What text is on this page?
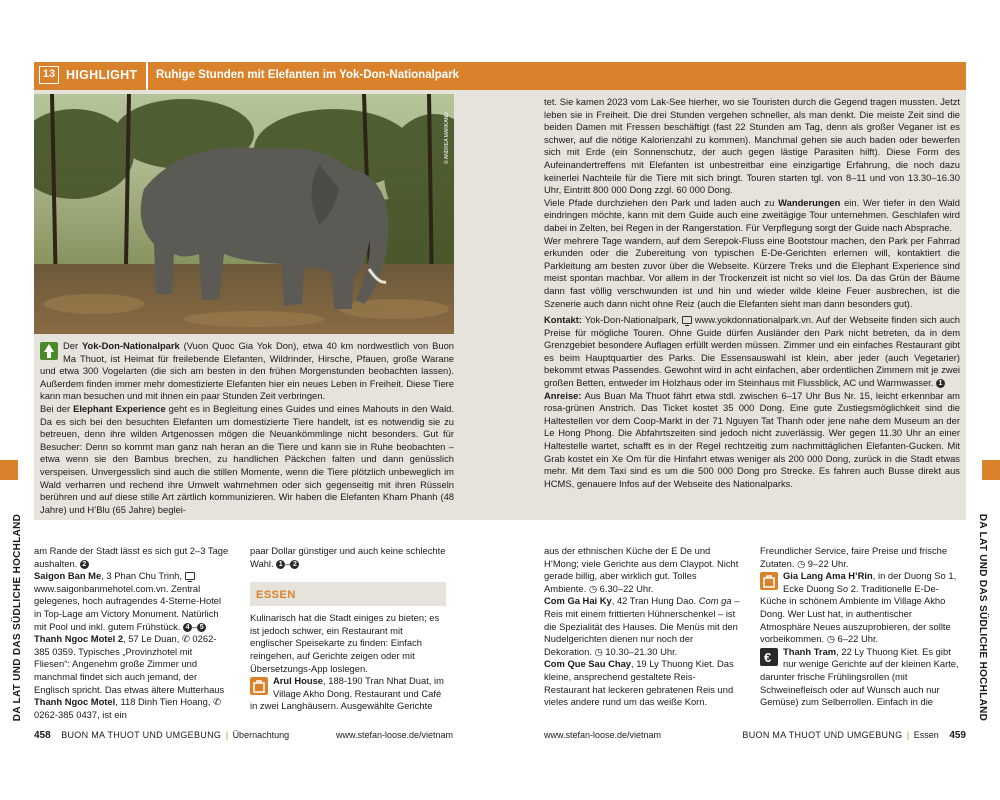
13 HIGHLIGHT Ruhige Stunden mit Elefanten im Yok-Don-Nationalpark
© ANDREA MARKAND

Der Yok-Don-Nationalpark (Vuon Quoc Gia Yok Don), etwa 40 km nordwestlich von Buon Ma Thuot, ist Heimat für freilebende Elefanten, Wildrinder, Hirsche, Pfauen, große Warane und etwa 300 Vogelarten (die sich am besten in den frühen Morgenstunden beobachten lassen). Außerdem finden immer mehr domestizierte Elefanten hier ein neues Leben in Freiheit. Diese Tiere kann man besuchen und mit ihnen ein paar Stunden Zeit verbringen.

Bei der Elephant Experience geht es in Begleitung eines Guides und eines Mahouts in den Wald. Da es sich bei den besuchten Elefanten um domestizierte Tiere handelt, ist es notwendig sie zu betreuen, denn ihre wilden Artgenossen mögen die Neuankömmlinge nicht besonders. Gut für Besucher: Denn so kommt man ganz nah heran an die Tiere und kann sie in Ruhe beobachten – etwa wenn sie den Bambus brechen, zu handlichen Päckchen falten und dann genüsslich verspeisen. Unvergesslich sind auch die stillen Momente, wenn die Tiere plötzlich unbeweglich im Wald verharren und rechend ihre Umwelt wahrnehmen oder sich gegenseitig mit ihren Rüsseln berühren und auf diese stille Art zärtlich kommunizieren. Wir haben die Elefanten Kham Phanh (48 Jahre) und H’Blu (65 Jahre) beglei-

tet. Sie kamen 2023 vom Lak-See hierher, wo sie Touristen durch die Gegend tragen mussten. Jetzt leben sie in Freiheit. Die drei Stunden vergehen schneller, als man denkt. Die meiste Zeit sind die beiden Damen mit Fressen beschäftigt (fast 22 Stunden am Tag, denn als großer Veganer ist es schwer, auf die nötige Kalorienzahl zu kommen). Manchmal gehen sie auch baden oder bewerfen sich mit Erde (ein Sonnenschutz, der auch gegen lästige Parasiten hilft). Diese Form des Aufeinandertreffens mit Elefanten ist unbestreitbar eine einzigartige Erfahrung, die noch dazu keinerlei Nachteile für die Tiere mit sich bringt. Touren starten tgl. von 8–11 und von 13.30–16.30 Uhr, Eintritt 800 000 Dong zzgl. 60 000 Dong.

Viele Pfade durchziehen den Park und laden auch zu Wanderungen ein. Wer tiefer in den Wald eindringen möchte, kann mit dem Guide auch eine zweitägige Tour unternehmen. Geschlafen wird dabei in Zelten, bei Regen in der Rangerstation. Für Verpflegung sorgt der Guide nach Absprache.

Wer mehrere Tage wandern, auf dem Serepok-Fluss eine Bootstour machen, den Park per Fahrrad erkunden oder die Zubereitung von typischen E-De-Gerichten erlernen will, kontaktiert die Parkleitung am besten zuvor über die Webseite. Kürzere Treks und die Elephant Experience sind meist spontan machbar. Vor allem in der Trockenzeit ist nicht so viel los. Da das Grün der Bäume dann fast völlig verschwunden ist und hin und wieder wilde kleine Feuer ausbrechen, ist die Szenerie auch dann nicht ohne Reiz (auch die Elefanten sieht man dann besonders gut).

Kontakt: Yok-Don-Nationalpark,  www.yokdonnationalpark.vn. Auf der Webseite finden sich auch Preise für mögliche Touren. Ohne Guide dürfen Ausländer den Park nicht betreten, da in dem Grenzgebiet besondere Auflagen erfüllt werden müssen. Zimmer und ein einfaches Restaurant gibt es beim Hauptquartier des Parks. Die Essensauswahl ist klein, aber jeder (auch Vegetarier) bekommt etwas Passendes. Gewohnt wird in acht einfachen, aber ordentlichen Zimmern mit je zwei großen Betten, entweder im Holzhaus oder im Steinhaus mit Flussblick, AC und Warmwasser. 1

Anreise: Aus Buan Ma Thuot fährt etwa stdl. zwischen 6–17 Uhr Bus Nr. 15, leicht erkennbar am rosa-grünen Anstrich. Das Ticket kostet 35 000 Dong. Eine gute Zustiegsmöglichkeit sind die Haltestellen vor dem Coop-Markt in der 71 Nguyen Tat Thanh oder jene nahe dem Museum an der Le Hong Phong. Die Abfahrtszeiten sind jedoch nicht zuverlässig. Wer gegen 11.30 Uhr an einer Haltestelle wartet, schafft es in der Regel rechtzeitig zum nachmittäglichen Elefanten-Gucken. Mit Grab kostet ein Xe Om für die Hinfahrt etwas weniger als 200 000 Dong, zurück in die Stadt etwas mehr. Mit dem Taxi sind es um die 500 000 Dong pro Strecke. Es fahren auch Busse direkt aus HCMS, genauere Infos auf der Webseite des Nationalparks.

DA LAT UND DAS SÜDLICHE HOCHLAND	DA LAT UND DAS SÜDLICHE HOCHLAND

am Rande der Stadt lässt es sich gut 2–3 Tage aushalten. 2
Saigon Ban Me, 3 Phan Chu Trinh,  www.saigonbanmehotel.com.vn. Zentral gelegenes, hoch aufragendes 4-Sterne-Hotel in Top-Lage am Victory Monument. Natürlich mit Pool und inkl. gutem Frühstück. 4 – 5
Thanh Ngoc Motel 2, 57 Le Duan, ✆ 0262-385 0359. Typisches „Provinzhotel mit Fliesen“: Angenehm große Zimmer und manchmal findet sich auch jemand, der Englisch spricht. Das etwas ältere Mutterhaus Thanh Ngoc Motel, 118 Dinh Tien Hoang, ✆ 0262-385 0437, ist ein

paar Dollar günstiger und auch keine schlechte Wahl. 1 – 2

ESSEN

Kulinarisch hat die Stadt einiges zu bieten; es ist jedoch schwer, ein Restaurant mit englischer Speisekarte zu finden: Einfach reingehen, auf Gerichte zeigen oder mit Übersetzungs-App loslegen.

Arul House, 188-190 Tran Nhat Duat, im Village Akho Dong. Restaurant und Café in zwei Langhäusern. Ausgewählte Gerichte

aus der ethnischen Küche der E De und H’Mong; viele Gerichte aus dem Claypot. Nicht gerade billig, aber wirklich gut. Tolles Ambiente. ◷ 6.30–22 Uhr.
Com Ga Hai Ky, 42 Tran Hung Dao. Com ga – Reis mit einem frittierten Hühnerschenkel – ist die Spezialität des Hauses. Die Menüs mit den Nudelgerichten dienen nur noch der Dekoration. ◷ 10.30–21.30 Uhr.
Com Que Sau Chay, 19 Ly Thuong Kiet. Das kleine, ansprechend gestaltete Reis-Restaurant hat leckeren gebratenen Reis und vieles andere rund um das weiße Korn.

Freundlicher Service, faire Preise und frische Zutaten. ◷ 9–22 Uhr.

Gia Lang Ama H’Rin, in der Duong So 1, Ecke Duong So 2. Traditionelle E-De-Küche in schönem Ambiente im Village Akho Dong. Wer Lust hat, in authentischer Atmosphäre Neues auszuprobieren, der sollte vorbeikommen. ◷ 6–22 Uhr.

€ Thanh Tram, 22 Ly Thuong Kiet. Es gibt nur wenige Gerichte auf der kleinen Karte, darunter frische Frühlingsrollen (mit Schweinefleisch oder auf Wunsch auch nur Gemüse) zum Selberrollen. Einfach in die

458 BUON MA THUOT UND UMGEBUNG | Übernachtung	www.stefan-loose.de/vietnam	www.stefan-loose.de/vietnam	BUON MA THUOT UND UMGEBUNG | Essen 459
